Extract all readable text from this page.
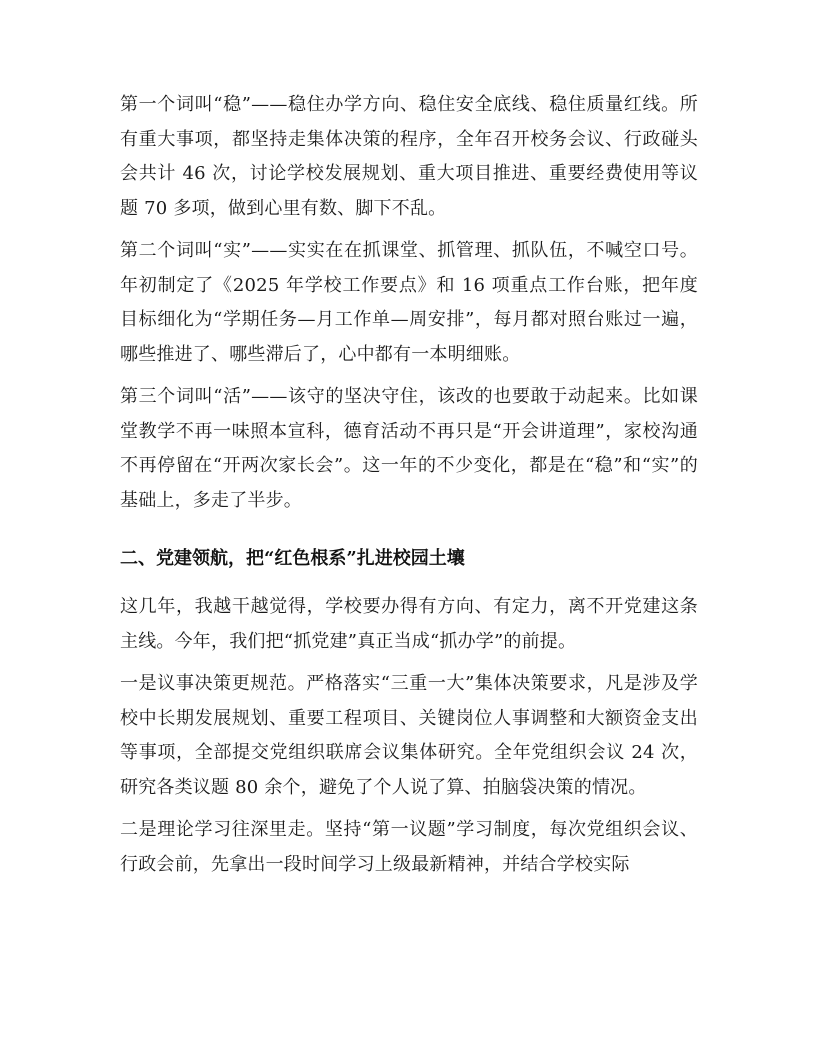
第一个词叫“稳”——稳住办学方向、稳住安全底线、稳住质量红线。所有重大事项，都坚持走集体决策的程序，全年召开校务会议、行政碰头会共计 46 次，讨论学校发展规划、重大项目推进、重要经费使用等议题 70 多项，做到心里有数、脚下不乱。

第二个词叫“实”——实实在在抓课堂、抓管理、抓队伍，不喊空口号。年初制定了《2025 年学校工作要点》和 16 项重点工作台账，把年度目标细化为“学期任务—月工作单—周安排”，每月都对照台账过一遍，哪些推进了、哪些滞后了，心中都有一本明细账。

第三个词叫“活”——该守的坚决守住，该改的也要敢于动起来。比如课堂教学不再一味照本宣科，德育活动不再只是“开会讲道理”，家校沟通不再停留在“开两次家长会”。这一年的不少变化，都是在“稳”和“实”的基础上，多走了半步。

二、党建领航，把“红色根系”扎进校园土壤

这几年，我越干越觉得，学校要办得有方向、有定力，离不开党建这条主线。今年，我们把“抓党建”真正当成“抓办学”的前提。

一是议事决策更规范。严格落实“三重一大”集体决策要求，凡是涉及学校中长期发展规划、重要工程项目、关键岗位人事调整和大额资金支出等事项，全部提交党组织联席会议集体研究。全年党组织会议 24 次，研究各类议题 80 余个，避免了个人说了算、拍脑袋决策的情况。

二是理论学习往深里走。坚持“第一议题”学习制度，每次党组织会议、行政会前，先拿出一段时间学习上级最新精神，并结合学校实际
